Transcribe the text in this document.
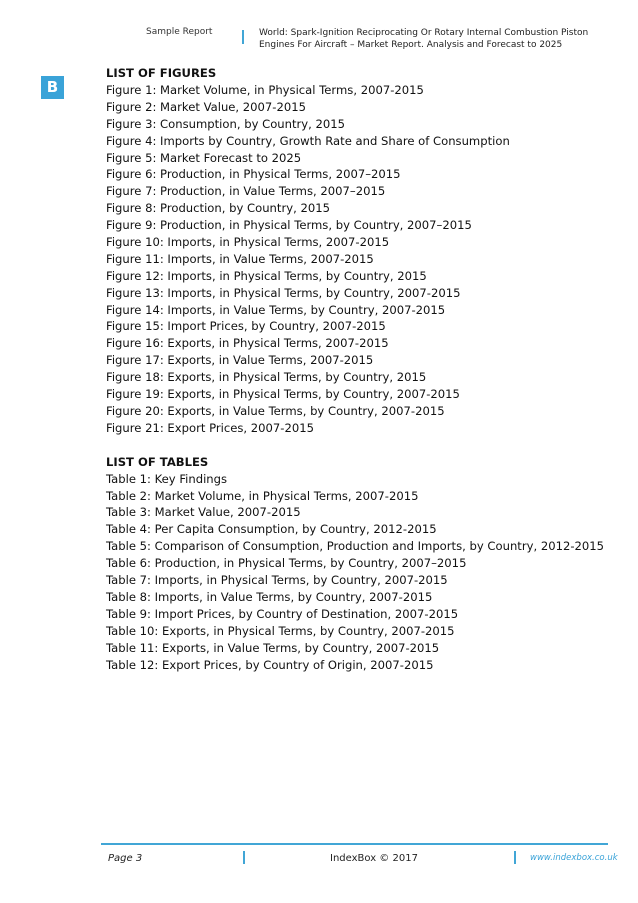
Sample Report	World: Spark-Ignition Reciprocating Or Rotary Internal Combustion Piston Engines For Aircraft – Market Report. Analysis and Forecast to 2025
B
LIST OF FIGURES
Figure 1: Market Volume, in Physical Terms, 2007-2015
Figure 2: Market Value, 2007-2015
Figure 3: Consumption, by Country, 2015
Figure 4: Imports by Country, Growth Rate and Share of Consumption
Figure 5: Market Forecast to 2025
Figure 6: Production, in Physical Terms, 2007–2015
Figure 7: Production, in Value Terms, 2007–2015
Figure 8: Production, by Country, 2015
Figure 9: Production, in Physical Terms, by Country, 2007–2015
Figure 10: Imports, in Physical Terms, 2007-2015
Figure 11: Imports, in Value Terms, 2007-2015
Figure 12: Imports, in Physical Terms, by Country, 2015
Figure 13: Imports, in Physical Terms, by Country, 2007-2015
Figure 14: Imports, in Value Terms, by Country, 2007-2015
Figure 15: Import Prices, by Country, 2007-2015
Figure 16: Exports, in Physical Terms, 2007-2015
Figure 17: Exports, in Value Terms, 2007-2015
Figure 18: Exports, in Physical Terms, by Country, 2015
Figure 19: Exports, in Physical Terms, by Country, 2007-2015
Figure 20: Exports, in Value Terms, by Country, 2007-2015
Figure 21: Export Prices, 2007-2015
LIST OF TABLES
Table 1: Key Findings
Table 2: Market Volume, in Physical Terms, 2007-2015
Table 3: Market Value, 2007-2015
Table 4: Per Capita Consumption, by Country, 2012-2015
Table 5: Comparison of Consumption, Production and Imports, by Country, 2012-2015
Table 6: Production, in Physical Terms, by Country, 2007–2015
Table 7: Imports, in Physical Terms, by Country, 2007-2015
Table 8: Imports, in Value Terms, by Country, 2007-2015
Table 9: Import Prices, by Country of Destination, 2007-2015
Table 10: Exports, in Physical Terms, by Country, 2007-2015
Table 11: Exports, in Value Terms, by Country, 2007-2015
Table 12: Export Prices, by Country of Origin, 2007-2015
Page 3	IndexBox © 2017	www.indexbox.co.uk
